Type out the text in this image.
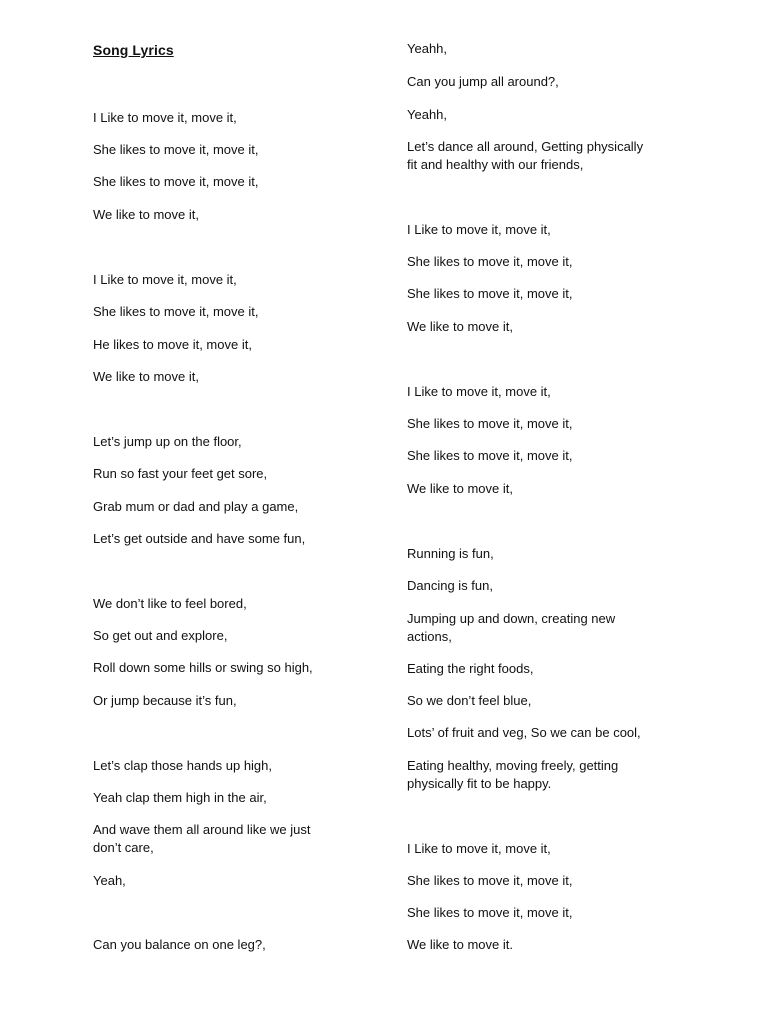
Song Lyrics
I Like to move it, move it,
She likes to move it, move it,
She likes to move it, move it,
We like to move it,
I Like to move it, move it,
She likes to move it, move it,
He likes to move it, move it,
We like to move it,
Let’s jump up on the floor,
Run so fast your feet get sore,
Grab mum or dad and play a game,
Let’s get outside and have some fun,
We don’t like to feel bored,
So get out and explore,
Roll down some hills or swing so high,
Or jump because it’s fun,
Let’s clap those hands up high,
Yeah clap them high in the air,
And wave them all around like we just
don’t care,
Yeah,
Can you balance on one leg?,
Yeahh,
Can you jump all around?,
Yeahh,
Let’s dance all around, Getting physically
fit and healthy with our friends,
I Like to move it, move it,
She likes to move it, move it,
She likes to move it, move it,
We like to move it,
I Like to move it, move it,
She likes to move it, move it,
She likes to move it, move it,
We like to move it,
Running is fun,
Dancing is fun,
Jumping up and down, creating new
actions,
Eating the right foods,
So we don’t feel blue,
Lots’ of fruit and veg, So we can be cool,
Eating healthy, moving freely, getting
physically fit to be happy.
I Like to move it, move it,
She likes to move it, move it,
She likes to move it, move it,
We like to move it.
